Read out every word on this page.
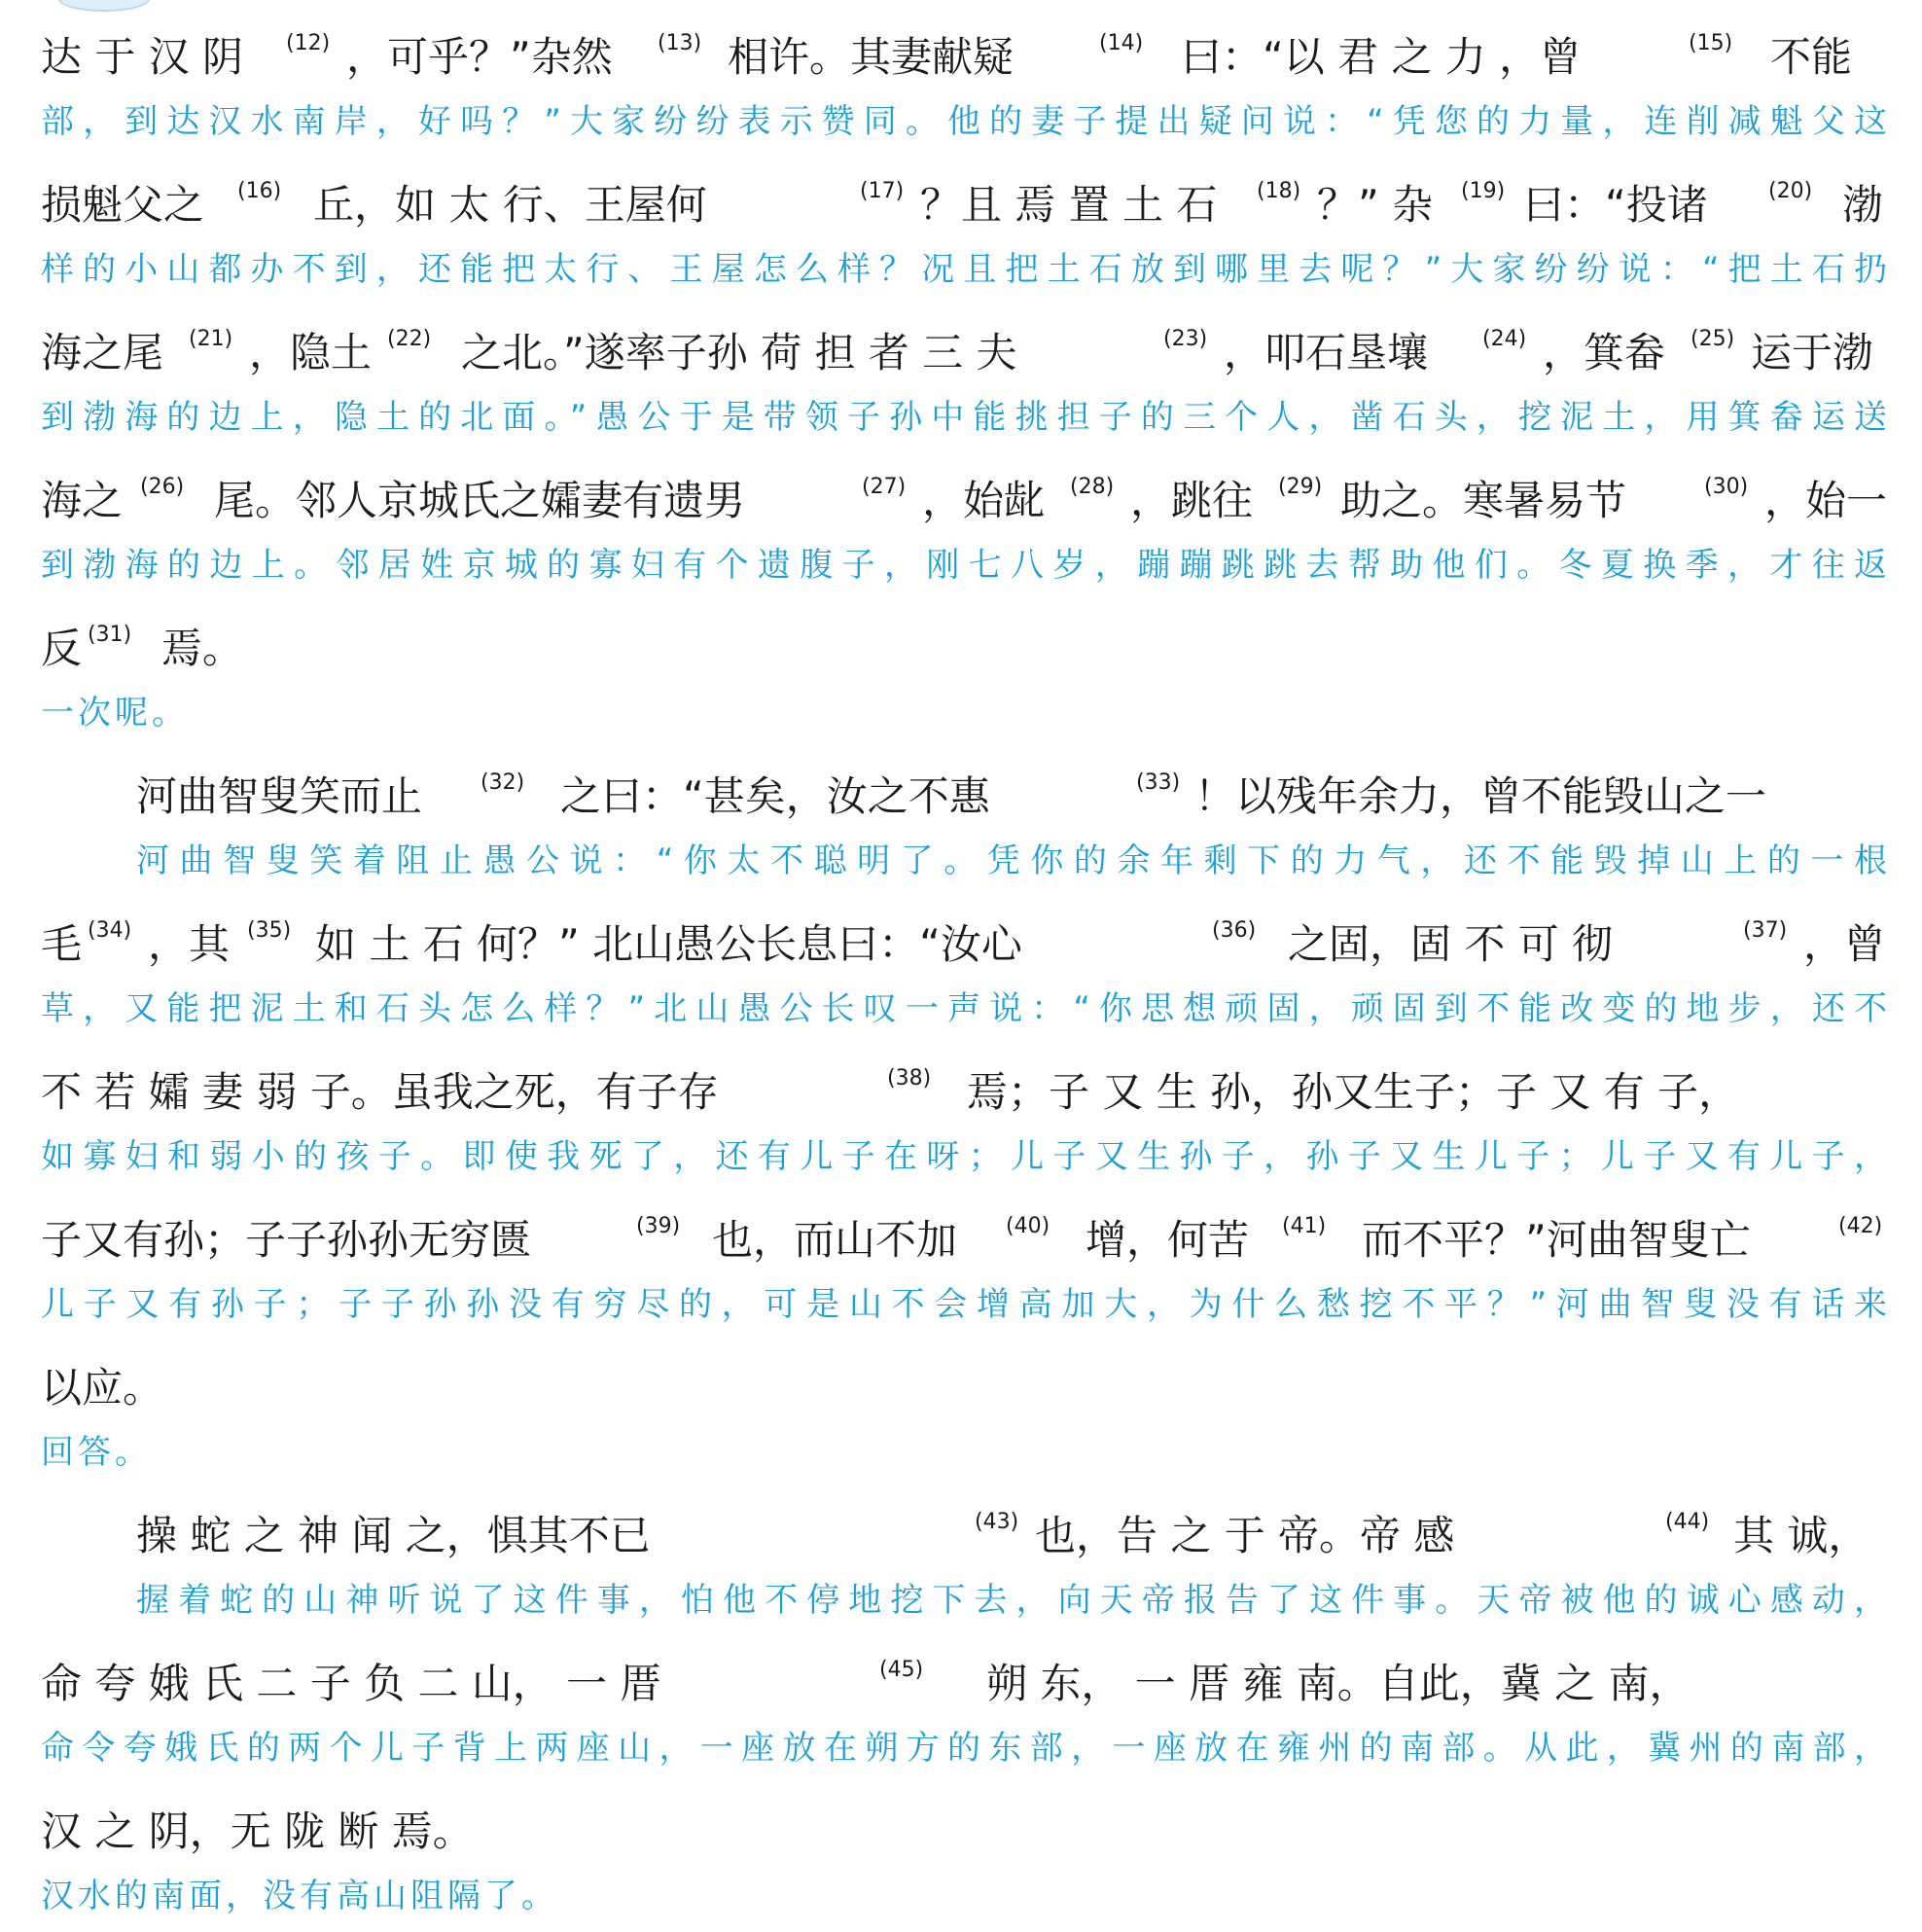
达 于 汉 阴	(12) ，可乎？”杂然	(13) 相许。其妻献疑	(14) 曰：“以 君 之 力 ，曾	(15) 不能
部，到达汉水南岸，好吗？”大家纷纷表示赞同。他的妻子提出疑问说：“凭您的力量，连削减魁父这
损魁父之	(16) 丘，如 太 行、王屋何	(17) ？且 焉 置 土 石	(18) ？” 杂	(19) 曰：“投诸	(20) 渤
样的小山都办不到，还能把太行、王屋怎么样？况且把土石放到哪里去呢？”大家纷纷说：“把土石扔
海之尾	(21) ，隐土 (22) 之北。”遂率子孙 荷 担 者 三 夫	(23) ，叩石垦壤	(24) ，箕畚	(25) 运于渤
到渤海的边上，隐土的北面。”愚公于是带领子孙中能挑担子的三个人，凿石头，挖泥土，用箕畚运送
海之 (26) 尾。邻人京城氏之孀妻有遗男	(27) ，始龀	(28) ，跳往	(29) 助之。寒暑易节	(30) ，始一
到渤海的边上。邻居姓京城的寡妇有个遗腹子，刚七八岁，蹦蹦跳跳去帮助他们。冬夏换季，才往返
反 (31) 焉。
一次呢。
河曲智叟笑而止	(32) 之曰：“甚矣，汝之不惠	(33) ！以残年余力，曾不能毁山之一
河曲智叟笑着阻止愚公说：“你太不聪明了。凭你的余年剩下的力气，还不能毁掉山上的一根
毛 (34) ，其 (35) 如 土 石 何？” 北山愚公长息曰：“汝心	(36) 之固，固 不 可 彻	(37) ，曾
草，又能把泥土和石头怎么样？”北山愚公长叹一声说：“你思想顽固，顽固到不能改变的地步，还不
不 若 孀 妻 弱 子。虽我之死，有子存	(38) 焉；子 又 生 孙，孙又生子；子 又 有 子，
如寡妇和弱小的孩子。即使我死了，还有儿子在呀；儿子又生孙子，孙子又生儿子；儿子又有儿子，
子又有孙；子子孙孙无穷匮	(39) 也，而山不加	(40) 增，何苦	(41) 而不平？”河曲智叟亡	(42)
儿子又有孙子；子子孙孙没有穷尽的，可是山不会增高加大，为什么愁挖不平？”河曲智叟没有话来
以应。
回答。
操 蛇 之 神 闻 之，惧其不已	(43) 也，告 之 于 帝。帝 感	(44) 其 诚，
握着蛇的山神听说了这件事，怕他不停地挖下去，向天帝报告了这件事。天帝被他的诚心感动，
命 夸 娥 氏 二 子 负 二 山， 一 厝	(45)	朔 东， 一 厝 雍 南。自此，冀 之 南，
命令夸娥氏的两个儿子背上两座山，一座放在朔方的东部，一座放在雍州的南部。从此，冀州的南部，
汉 之 阴，无 陇 断 焉。
汉水的南面，没有高山阻隔了。
